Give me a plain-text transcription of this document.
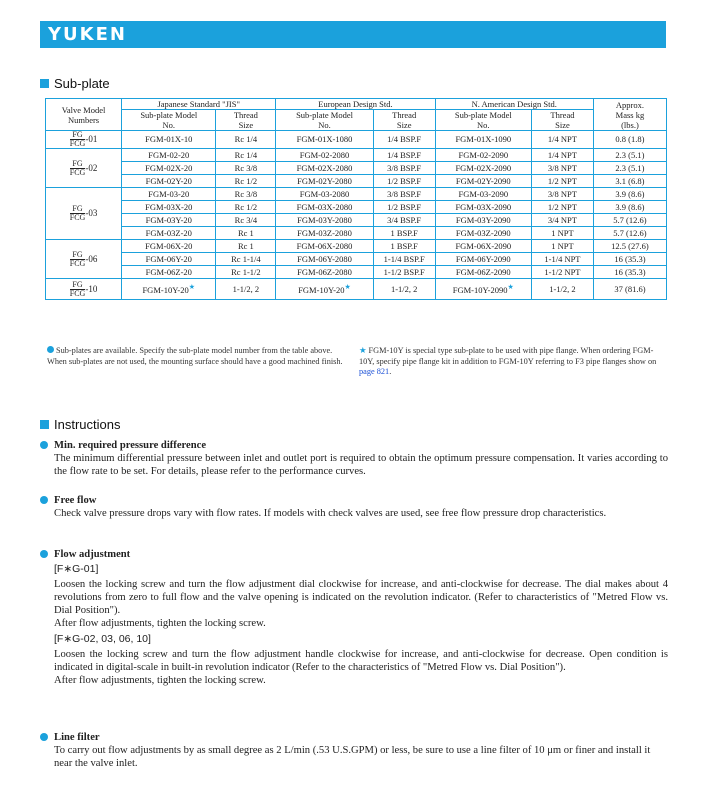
YUKEN
Sub-plate
Valve Model Numbers	Japanese Standard "JIS"		European Design Std.		N. American Design Std.		Approx. Mass kg (lbs.)
	Sub-plate Model No.	Thread Size	Sub-plate Model No.	Thread Size	Sub-plate Model No.	Thread Size	

FG
FCG -01	FGM-01X-10	Rc 1/4	FGM-01X-1080	1/4 BSP.F	FGM-01X-1090	1/4 NPT	0.8 (1.8)

FG
FCG -02	FGM-02-20	Rc 1/4	FGM-02-2080	1/4 BSP.F	FGM-02-2090	1/4 NPT	2.3 (5.1)
	FGM-02X-20	Rc 3/8	FGM-02X-2080	3/8 BSP.F	FGM-02X-2090	3/8 NPT	2.3 (5.1)
	FGM-02Y-20	Rc 1/2	FGM-02Y-2080	1/2 BSP.F	FGM-02Y-2090	1/2 NPT	3.1 (6.8)

FG
FCG -03	FGM-03-20	Rc 3/8	FGM-03-2080	3/8 BSP.F	FGM-03-2090	3/8 NPT	3.9 (8.6)
	FGM-03X-20	Rc 1/2	FGM-03X-2080	1/2 BSP.F	FGM-03X-2090	1/2 NPT	3.9 (8.6)
	FGM-03Y-20	Rc 3/4	FGM-03Y-2080	3/4 BSP.F	FGM-03Y-2090	3/4 NPT	5.7 (12.6)
	FGM-03Z-20	Rc 1	FGM-03Z-2080	1 BSP.F	FGM-03Z-2090	1 NPT	5.7 (12.6)

FG
FCG -06	FGM-06X-20	Rc 1	FGM-06X-2080	1 BSP.F	FGM-06X-2090	1 NPT	12.5 (27.6)
	FGM-06Y-20	Rc 1-1/4	FGM-06Y-2080	1-1/4 BSP.F	FGM-06Y-2090	1-1/4 NPT	16 (35.3)
	FGM-06Z-20	Rc 1-1/2	FGM-06Z-2080	1-1/2 BSP.F	FGM-06Z-2090	1-1/2 NPT	16 (35.3)

FG
FCG -10	FGM-10Y-20★	1-1/2, 2	FGM-10Y-20★	1-1/2, 2	FGM-10Y-2090★	1-1/2, 2	37 (81.6)
Sub-plates are available. Specify the sub-plate model number from the table above. When sub-plates are not used, the mounting surface should have a good machined finish.
★ FGM-10Y is special type sub-plate to be used with pipe flange. When ordering FGM-10Y, specify pipe flange kit in addition to FGM-10Y referring to F3 pipe flanges show on page 821.
Instructions
Min. required pressure difference
The minimum differential pressure between inlet and outlet port is required to obtain the optimum pressure compensation. It varies according to the flow rate to be set. For details, please refer to the performance curves.
Free flow
Check valve pressure drops vary with flow rates. If models with check valves are used, see free flow pressure drop characteristics.
Flow adjustment
[F∗G-01]
Loosen the locking screw and turn the flow adjustment dial clockwise for increase, and anti-clockwise for decrease. The dial makes about 4 revolutions from zero to full flow and the valve opening is indicated on the revolution indicator. (Refer to characteristics of "Metred Flow vs. Dial Position").
After flow adjustments, tighten the locking screw.
[F∗G-02, 03, 06, 10]
Loosen the locking screw and turn the flow adjustment handle clockwise for increase, and anti-clockwise for decrease. Open condition is indicated in digital-scale in built-in revolution indicator (Refer to the characteristics of "Metred Flow vs. Dial Position").
After flow adjustments, tighten the locking screw.
Line filter
To carry out flow adjustments by as small degree as 2 L/min (.53 U.S.GPM) or less, be sure to use a line filter of 10 μm or finer and install it near the valve inlet.
